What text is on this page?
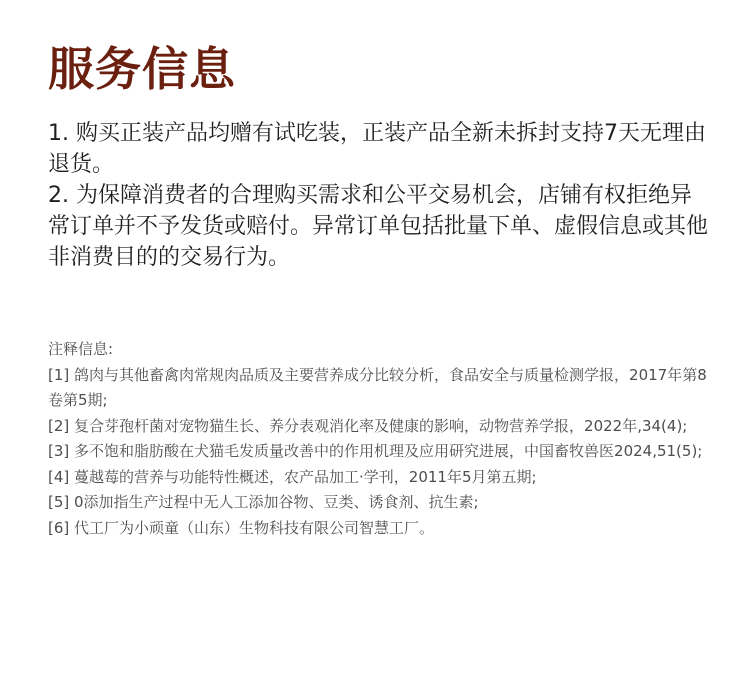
服务信息

1. 购买正装产品均赠有试吃装，正装产品全新未拆封支持7天无理由退货。

2. 为保障消费者的合理购买需求和公平交易机会，店铺有权拒绝异常订单并不予发货或赔付。异常订单包括批量下单、虚假信息或其他非消费目的的交易行为。

注释信息:

[1] 鸽肉与其他畜禽肉常规肉品质及主要营养成分比较分析，食品安全与质量检测学报，2017年第8卷第5期;

[2] 复合芽孢杆菌对宠物猫生长、养分表观消化率及健康的影响，动物营养学报，2022年,34(4);

[3] 多不饱和脂肪酸在犬猫毛发质量改善中的作用机理及应用研究进展，中国畜牧兽医2024,51(5);

[4] 蔓越莓的营养与功能特性概述，农产品加工·学刊，2011年5月第五期;

[5] 0添加指生产过程中无人工添加谷物、豆类、诱食剂、抗生素;

[6] 代工厂为小顽童（山东）生物科技有限公司智慧工厂。
